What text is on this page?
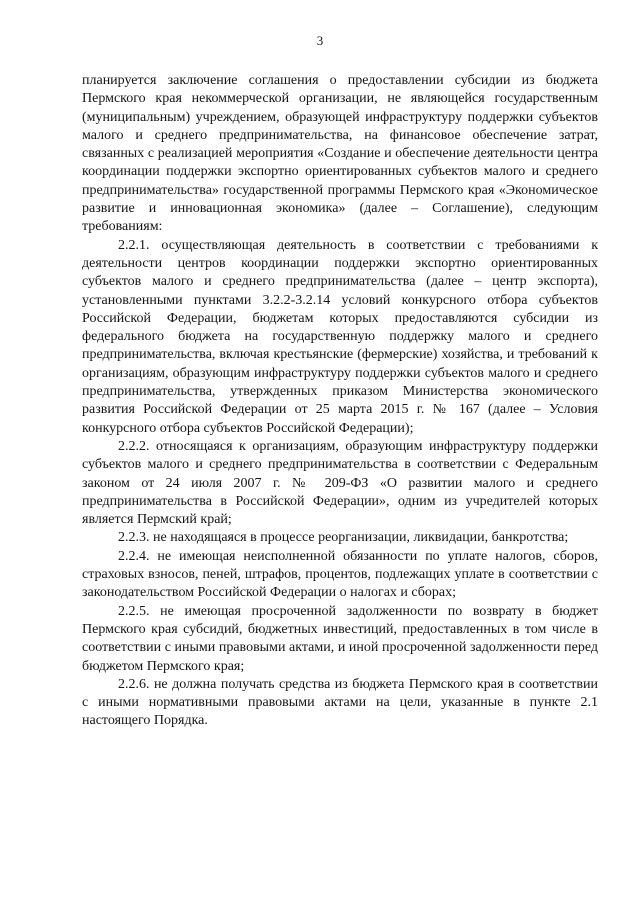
3

планируется заключение соглашения о предоставлении субсидии из бюджета Пермского края некоммерческой организации, не являющейся государственным (муниципальным) учреждением, образующей инфраструктуру поддержки субъектов малого и среднего предпринимательства, на финансовое обеспечение затрат, связанных с реализацией мероприятия «Создание и обеспечение деятельности центра координации поддержки экспортно ориентированных субъектов малого и среднего предпринимательства» государственной программы Пермского края «Экономическое развитие и инновационная экономика» (далее – Соглашение), следующим требованиям:

2.2.1. осуществляющая деятельность в соответствии с требованиями к деятельности центров координации поддержки экспортно ориентированных субъектов малого и среднего предпринимательства (далее – центр экспорта), установленными пунктами 3.2.2-3.2.14 условий конкурсного отбора субъектов Российской Федерации, бюджетам которых предоставляются субсидии из федерального бюджета на государственную поддержку малого и среднего предпринимательства, включая крестьянские (фермерские) хозяйства, и требований к организациям, образующим инфраструктуру поддержки субъектов малого и среднего предпринимательства, утвержденных приказом Министерства экономического развития Российской Федерации от 25 марта 2015 г. № 167 (далее – Условия конкурсного отбора субъектов Российской Федерации);

2.2.2. относящаяся к организациям, образующим инфраструктуру поддержки субъектов малого и среднего предпринимательства в соответствии с Федеральным законом от 24 июля 2007 г. № 209-ФЗ «О развитии малого и среднего предпринимательства в Российской Федерации», одним из учредителей которых является Пермский край;

2.2.3. не находящаяся в процессе реорганизации, ликвидации, банкротства;

2.2.4. не имеющая неисполненной обязанности по уплате налогов, сборов, страховых взносов, пеней, штрафов, процентов, подлежащих уплате в соответствии с законодательством Российской Федерации о налогах и сборах;

2.2.5. не имеющая просроченной задолженности по возврату в бюджет Пермского края субсидий, бюджетных инвестиций, предоставленных в том числе в соответствии с иными правовыми актами, и иной просроченной задолженности перед бюджетом Пермского края;

2.2.6. не должна получать средства из бюджета Пермского края в соответствии с иными нормативными правовыми актами на цели, указанные в пункте 2.1 настоящего Порядка.
